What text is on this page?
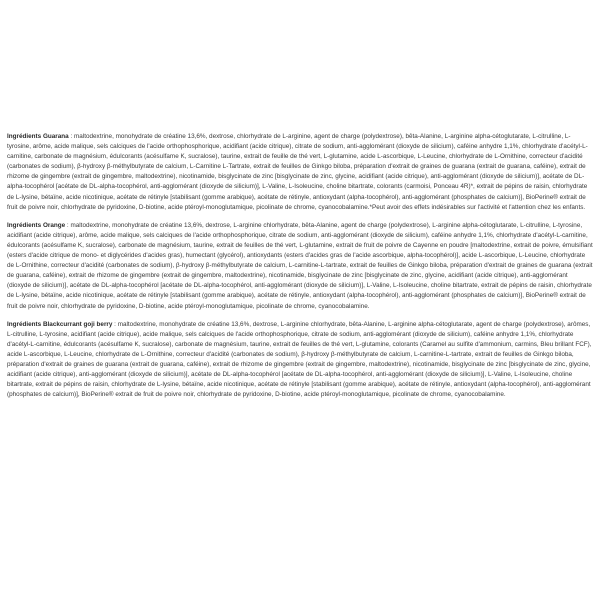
Ingrédients Guarana : maltodextrine, monohydrate de créatine 13,6%, dextrose, chlorhydrate de L-arginine, agent de charge (polydextrose), bêta-Alanine, L-arginine alpha-cétoglutarate, L-citrulline, L-tyrosine, arôme, acide malique, sels calciques de l'acide orthophosphorique, acidifiant (acide citrique), citrate de sodium, anti-agglomérant (dioxyde de silicium), caféine anhydre 1,1%, chlorhydrate d'acétyl-L-carnitine, carbonate de magnésium, édulcorants (acésulfame K, sucralose), taurine, extrait de feuille de thé vert, L-glutamine, acide L-ascorbique, L-Leucine, chlorhydrate de L-Ornithine, correcteur d'acidité (carbonates de sodium), β-hydroxy β-méthylbutyrate de calcium, L-Carnitine L-Tartrate, extrait de feuilles de Ginkgo biloba, préparation d'extrait de graines de guarana (extrait de guarana, caféine), extrait de rhizome de gingembre (extrait de gingembre, maltodextrine), nicotinamide, bisglycinate de zinc [bisglycinate de zinc, glycine, acidifiant (acide citrique), anti-agglomérant (dioxyde de silicium)], acétate de DL-alpha-tocophérol [acétate de DL-alpha-tocophérol, anti-agglomérant (dioxyde de silicium)], L-Valine, L-Isoleucine, choline bitartrate, colorants (carmoisi, Ponceau 4R)*, extrait de pépins de raisin, chlorhydrate de L-lysine, bétaïne, acide nicotinique, acétate de rétinyle [stabilisant (gomme arabique), acétate de rétinyle, antioxydant (alpha-tocophérol), anti-agglomérant (phosphates de calcium)], BioPerine® extrait de fruit de poivre noir, chlorhydrate de pyridoxine, D-biotine, acide ptéroyl-monoglutamique, picolinate de chrome, cyanocobalamine.*Peut avoir des effets indésirables sur l'activité et l'attention chez les enfants.

Ingrédients Orange : maltodextrine, monohydrate de créatine 13,6%, dextrose, L-arginine chlorhydrate, bêta-Alanine, agent de charge (polydextrose), L-arginine alpha-cétoglutarate, L-citrulline, L-tyrosine, acidifiant (acide citrique), arôme, acide malique, sels calciques de l'acide orthophosphorique, citrate de sodium, anti-agglomérant (dioxyde de silicium), caféine anhydre 1,1%, chlorhydrate d'acétyl-L-carnitine, édulcorants (acésulfame K, sucralose), carbonate de magnésium, taurine, extrait de feuilles de thé vert, L-glutamine, extrait de fruit de poivre de Cayenne en poudre [maltodextrine, extrait de poivre, émulsifiant (esters d'acide citrique de mono- et diglycérides d'acides gras), humectant (glycérol), antioxydants (esters d'acides gras de l'acide ascorbique, alpha-tocophérol)], acide L-ascorbique, L-Leucine, chlorhydrate de L-Ornithine, correcteur d'acidité (carbonates de sodium), β-hydroxy β-méthylbutyrate de calcium, L-carnitine-L-tartrate, extrait de feuilles de Ginkgo biloba, préparation d'extrait de graines de guarana (extrait de guarana, caféine), extrait de rhizome de gingembre (extrait de gingembre, maltodextrine), nicotinamide, bisglycinate de zinc [bisglycinate de zinc, glycine, acidifiant (acide citrique), anti-agglomérant (dioxyde de silicium)], acétate de DL-alpha-tocophérol [acétate de DL-alpha-tocophérol, anti-agglomérant (dioxyde de silicium)], L-Valine, L-Isoleucine, choline bitartrate, extrait de pépins de raisin, chlorhydrate de L-lysine, bétaïne, acide nicotinique, acétate de rétinyle [stabilisant (gomme arabique), acétate de rétinyle, antioxydant (alpha-tocophérol), anti-agglomérant (phosphates de calcium)], BioPerine® extrait de fruit de poivre noir, chlorhydrate de pyridoxine, D-biotine, acide ptéroyl-monoglutamique, picolinate de chrome, cyanocobalamine.

Ingrédients Blackcurrant goji berry : maltodextrine, monohydrate de créatine 13,6%, dextrose, L-arginine chlorhydrate, bêta-Alanine, L-arginine alpha-cétoglutarate, agent de charge (polydextrose), arômes, L-citrulline, L-tyrosine, acidifiant (acide citrique), acide malique, sels calciques de l'acide orthophosphorique, citrate de sodium, anti-agglomérant (dioxyde de silicium), caféine anhydre 1,1%, chlorhydrate d'acétyl-L-carnitine, édulcorants (acésulfame K, sucralose), carbonate de magnésium, taurine, extrait de feuilles de thé vert, L-glutamine, colorants (Caramel au sulfite d'ammonium, carmins, Bleu brillant FCF), acide L-ascorbique, L-Leucine, chlorhydrate de L-Ornithine, correcteur d'acidité (carbonates de sodium), β-hydroxy β-méthylbutyrate de calcium, L-carnitine-L-tartrate, extrait de feuilles de Ginkgo biloba, préparation d'extrait de graines de guarana (extrait de guarana, caféine), extrait de rhizome de gingembre (extrait de gingembre, maltodextrine), nicotinamide, bisglycinate de zinc [bisglycinate de zinc, glycine, acidifiant (acide citrique), anti-agglomérant (dioxyde de silicium)], acétate de DL-alpha-tocophérol [acétate de DL-alpha-tocophérol, anti-agglomérant (dioxyde de silicium)], L-Valine, L-Isoleucine, choline bitartrate, extrait de pépins de raisin, chlorhydrate de L-lysine, bétaïne, acide nicotinique, acétate de rétinyle [stabilisant (gomme arabique), acétate de rétinyle, antioxydant (alpha-tocophérol), anti-agglomérant (phosphates de calcium)], BioPerine® extrait de fruit de poivre noir, chlorhydrate de pyridoxine, D-biotine, acide ptéroyl-monoglutamique, picolinate de chrome, cyanocobalamine.
